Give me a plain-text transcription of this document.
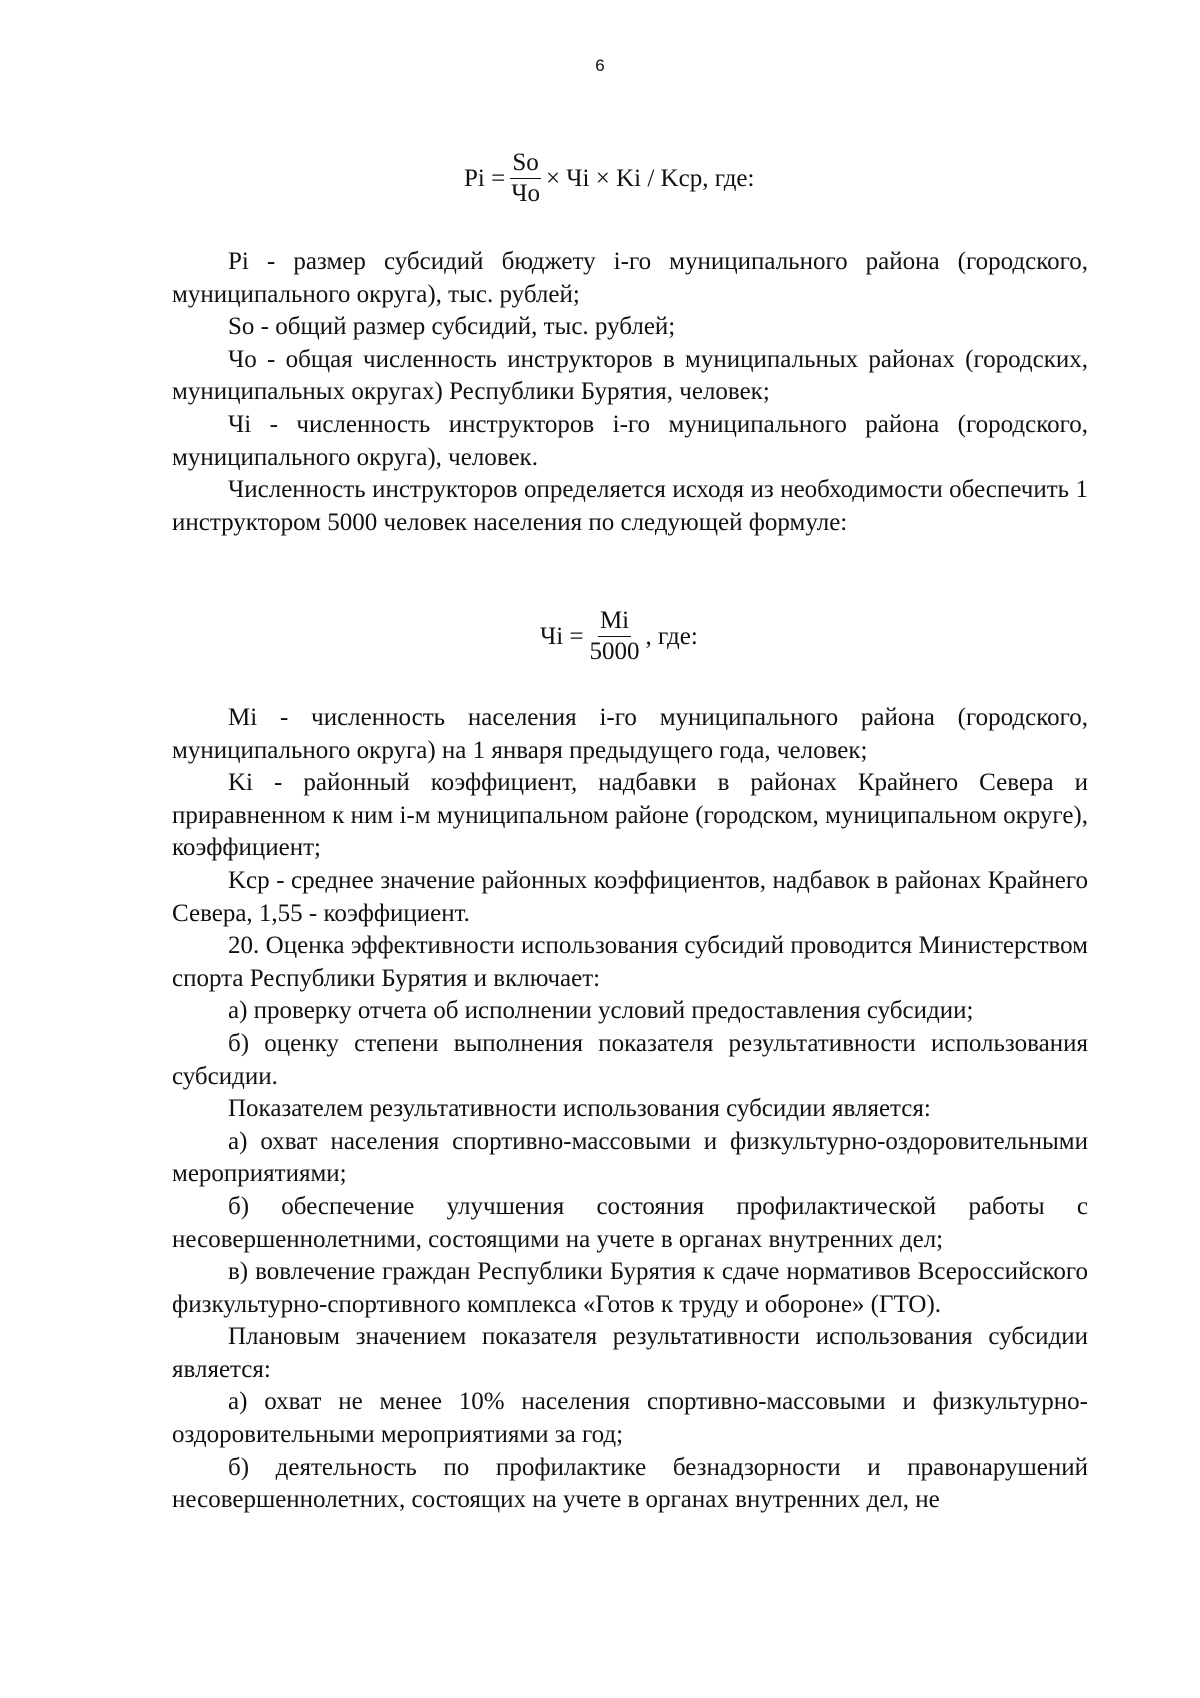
6
$Pi = \frac{So}{Чо}$ × Чi × Ki / Kср, где:

Pi - размер субсидий бюджету i-го муниципального района (городского, муниципального округа), тыс. рублей;

So - общий размер субсидий, тыс. рублей;

Чо - общая численность инструкторов в муниципальных районах (городских, муниципальных округах) Республики Бурятия, человек;

Чi - численность инструкторов i-го муниципального района (городского, муниципального округа), человек.

Численность инструкторов определяется исходя из необходимости обеспечить 1 инструктором 5000 человек населения по следующей формуле:

Чi = $\frac{Mi}{5000}$ , где:

Mi - численность населения i-го муниципального района (городского, муниципального округа) на 1 января предыдущего года, человек;

Ki - районный коэффициент, надбавки в районах Крайнего Севера и приравненном к ним i-м муниципальном районе (городском, муниципальном округе), коэффициент;

Kср - среднее значение районных коэффициентов, надбавок в районах Крайнего Севера, 1,55 - коэффициент.

20. Оценка эффективности использования субсидий проводится Министерством спорта Республики Бурятия и включает:

а) проверку отчета об исполнении условий предоставления субсидии;

б) оценку степени выполнения показателя результативности использования субсидии.

Показателем результативности использования субсидии является:

а) охват населения спортивно-массовыми и физкультурно-оздоровительными мероприятиями;

б) обеспечение улучшения состояния профилактической работы с несовершеннолетними, состоящими на учете в органах внутренних дел;

в) вовлечение граждан Республики Бурятия к сдаче нормативов Всероссийского физкультурно-спортивного комплекса «Готов к труду и обороне» (ГТО).

Плановым значением показателя результативности использования субсидии является:

а) охват не менее 10% населения спортивно-массовыми и физкультурно-оздоровительными мероприятиями за год;

б) деятельность по профилактике безнадзорности и правонарушений несовершеннолетних, состоящих на учете в органах внутренних дел, не
